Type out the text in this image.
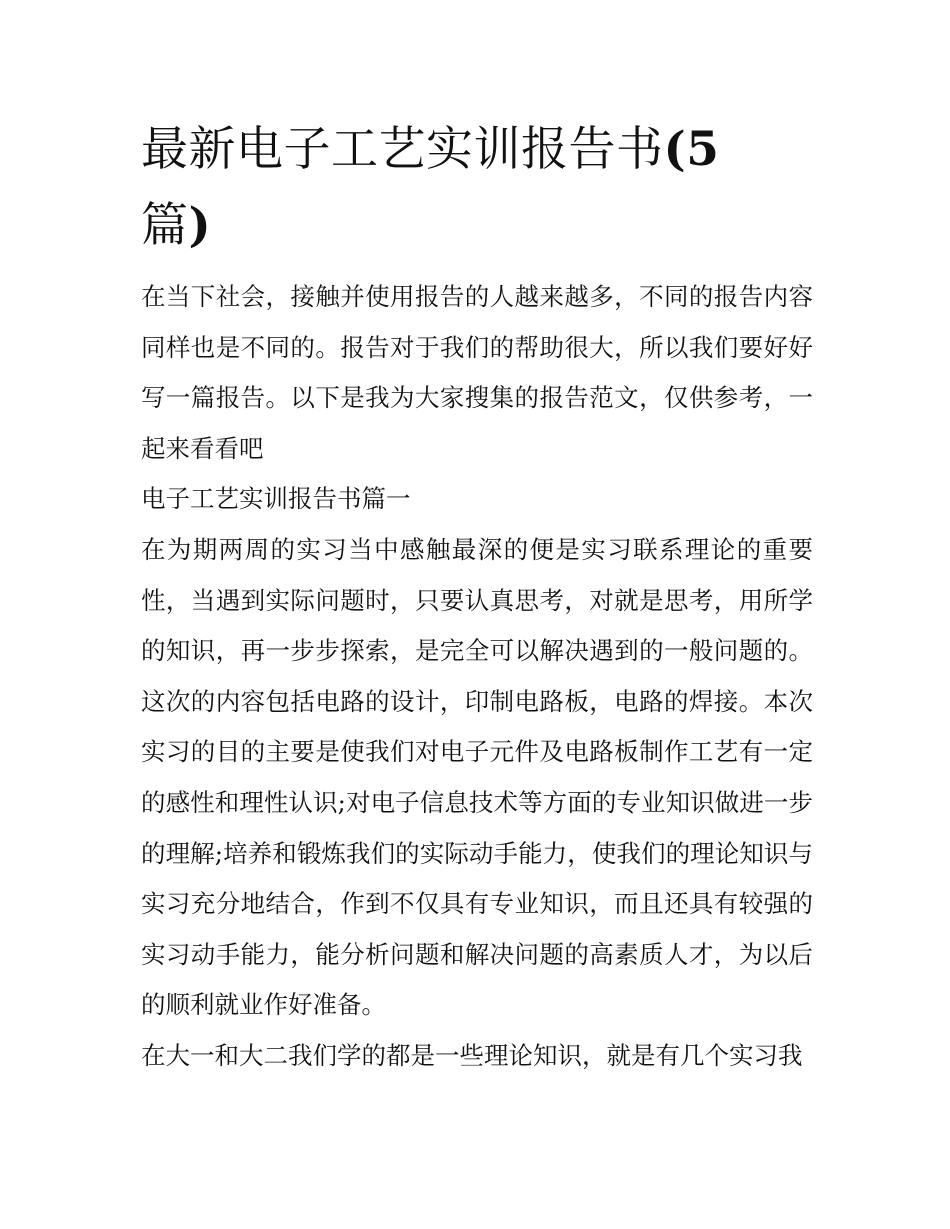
最新电子工艺实训报告书(5
篇)

在当下社会，接触并使用报告的人越来越多，不同的报告内容同样也是不同的。报告对于我们的帮助很大，所以我们要好好写一篇报告。以下是我为大家搜集的报告范文，仅供参考，一起来看看吧

电子工艺实训报告书篇一

在为期两周的实习当中感触最深的便是实习联系理论的重要性，当遇到实际问题时，只要认真思考，对就是思考，用所学的知识，再一步步探索，是完全可以解决遇到的一般问题的。这次的内容包括电路的设计，印制电路板，电路的焊接。本次实习的目的主要是使我们对电子元件及电路板制作工艺有一定的感性和理性认识;对电子信息技术等方面的专业知识做进一步的理解;培养和锻炼我们的实际动手能力，使我们的理论知识与实习充分地结合，作到不仅具有专业知识，而且还具有较强的实习动手能力，能分析问题和解决问题的高素质人才，为以后的顺利就业作好准备。

在大一和大二我们学的都是一些理论知识，就是有几个实习我
